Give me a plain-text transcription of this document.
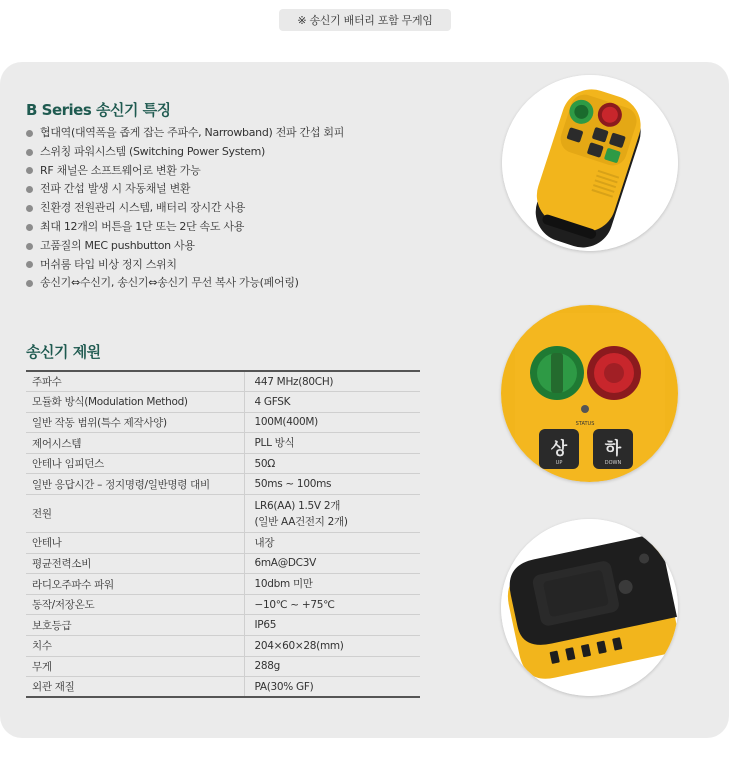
※ 송신기 배터리 포함 무게임
B Series 송신기 특징
협대역(대역폭을 좁게 잡는 주파수, Narrowband) 전파 간섭 회피
스위칭 파워시스템 (Switching Power System)
RF 채널은 소프트웨어로 변환 가능
전파 간섭 발생 시 자동채널 변환
친환경 전원관리 시스템, 배터리 장시간 사용
최대 12개의 버튼을 1단 또는 2단 속도 사용
고품질의 MEC pushbutton 사용
머쉬룸 타입 비상 정지 스위치
송신기⇔수신기, 송신기⇔송신기 무선 복사 가능(페어링)
송신기 제원
주파수	447 MHz(80CH)

모듈화 방식(Modulation Method)	4 GFSK

일반 작동 범위(특수 제작사양)	100M(400M)

제어시스템	PLL 방식

안테나 임피던스	50Ω

일반 응답시간 – 정지명령/일반명령 대비	50ms ~ 100ms

전원	LR6(AA) 1.5V 2개
(일반 AA건전지 2개)

안테나	내장

평균전력소비	6mA@DC3V

라디오주파수 파워	10dbm 미만

동작/저장온도	−10℃ ~ +75℃

보호등급	IP65

치수	204×60×28(mm)

무게	288g

외관 재질	PA(30% GF)
STATUS
상 하
UP	DOWN
